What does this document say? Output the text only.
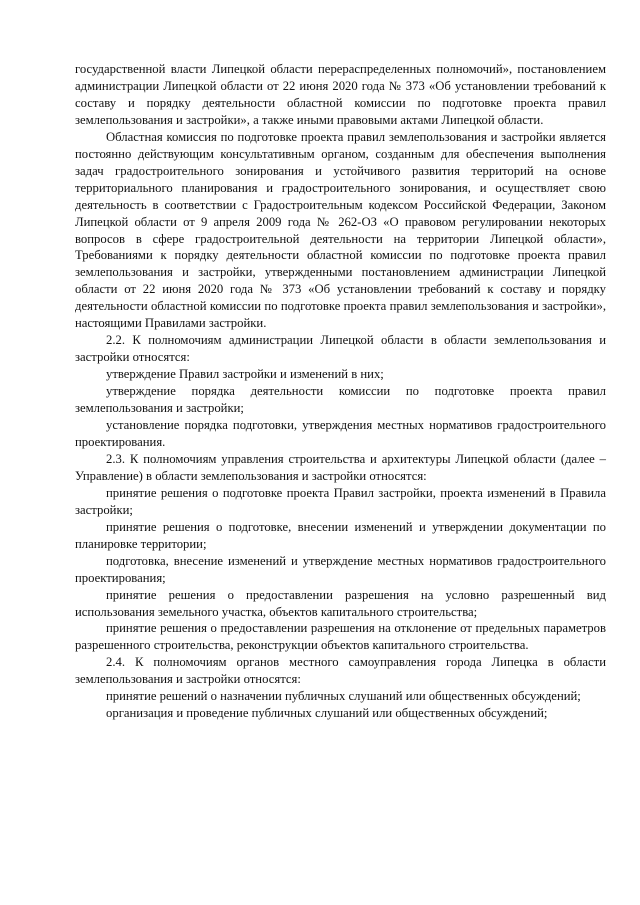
государственной власти Липецкой области перераспределенных полномочий», постановлением администрации Липецкой области от 22 июня 2020 года № 373 «Об установлении требований к составу и порядку деятельности областной комиссии по подготовке проекта правил землепользования и застройки», а также иными правовыми актами Липецкой области.

Областная комиссия по подготовке проекта правил землепользования и застройки является постоянно действующим консультативным органом, созданным для обеспечения выполнения задач градостроительного зонирования и устойчивого развития территорий на основе территориального планирования и градостроительного зонирования, и осуществляет свою деятельность в соответствии с Градостроительным кодексом Российской Федерации, Законом Липецкой области от 9 апреля 2009 года № 262-ОЗ «О правовом регулировании некоторых вопросов в сфере градостроительной деятельности на территории Липецкой области», Требованиями к порядку деятельности областной комиссии по подготовке проекта правил землепользования и застройки, утвержденными постановлением администрации Липецкой области от 22 июня 2020 года № 373 «Об установлении требований к составу и порядку деятельности областной комиссии по подготовке проекта правил землепользования и застройки», настоящими Правилами застройки.

2.2. К полномочиям администрации Липецкой области в области землепользования и застройки относятся:

утверждение Правил застройки и изменений в них;

утверждение порядка деятельности комиссии по подготовке проекта правил землепользования и застройки;

установление порядка подготовки, утверждения местных нормативов градостроительного проектирования.

2.3. К полномочиям управления строительства и архитектуры Липецкой области (далее – Управление) в области землепользования и застройки относятся:

принятие решения о подготовке проекта Правил застройки, проекта изменений в Правила застройки;

принятие решения о подготовке, внесении изменений и утверждении документации по планировке территории;

подготовка, внесение изменений и утверждение местных нормативов градостроительного проектирования;

принятие решения о предоставлении разрешения на условно разрешенный вид использования земельного участка, объектов капитального строительства;

принятие решения о предоставлении разрешения на отклонение от предельных параметров разрешенного строительства, реконструкции объектов капитального строительства.

2.4. К полномочиям органов местного самоуправления города Липецка в области землепользования и застройки относятся:

принятие решений о назначении публичных слушаний или общественных обсуждений;

организация и проведение публичных слушаний или общественных обсуждений;
